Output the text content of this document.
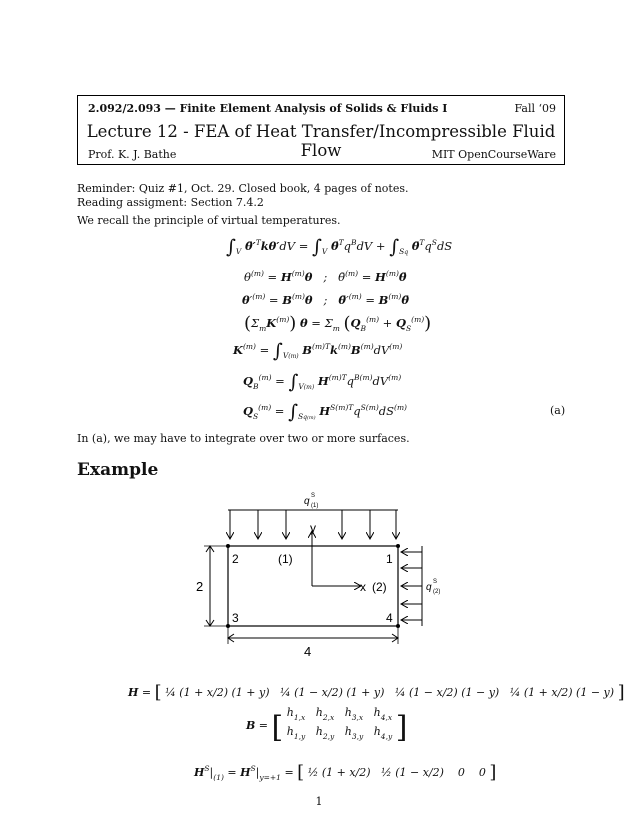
2.092/2.093 — Finite Element Analysis of Solids & Fluids I	Fall ‘09
Lecture 12 - FEA of Heat Transfer/Incompressible Fluid Flow
Prof. K. J. Bathe	MIT OpenCourseWare
Reminder: Quiz #1, Oct. 29. Closed book, 4 pages of notes.
Reading assigment: Section 7.4.2
We recall the principle of virtual temperatures.
$\int_V$ $\thetā'^Tk\theta'dV = \int_V$ $\thetā^Tq^BdV + \int_{Sq}$ $\thetā^Tq^SdS$
$\theta^{(m)} = H^{(m)}\theta$   ;   θ̄$^{(m)}$ = $H^{(m)}\thetā$
$\theta'^{(m)} = B^{(m)}\theta$   ;   $\thetā'^{(m)}$ = $B^{(m)}\thetā$
$(\Sigma_mK^{(m)}) \theta = \Sigma_m$ $(Q_B^{(m)} + Q_S^{(m)})$
$K^{(m)} = \int_{V(m)}$ $B^{(m)T}k^{(m)}B^{(m)}dV^{(m)}$
$Q_B^{(m)} = \int_{V(m)}$ $H^{(m)T}q^{B(m)}dV^{(m)}$
$Q_S^{(m)} = \int_{Sq(m)}$ $H^{S(m)T}q^{S(m)}dS^{(m)}$	(a)
In (a), we may have to integrate over two or more surfaces.
Example
q S
(1)
2	1
3	4
(1)
(2)
y
x	q S
(2)
2
4
H = [ ¼ (1 + x/2) (1 + y)   ¼ (1 − x/2) (1 + y)   ¼ (1 − x/2) (1 − y)   ¼ (1 + x/2) (1 − y) ]
B = [ $h_{1,x}$   $h_{2,x}$   $h_{3,x}$   $h_{4,x}$
$h_{1,y}$   $h_{2,y}$   $h_{3,y}$   $h_{4,y}$ ]
$H^S|_{(1)} = H^S|_{y=+1}$ = [ ½ (1 + x/2)   ½ (1 − x/2)    0    0 ]
1
